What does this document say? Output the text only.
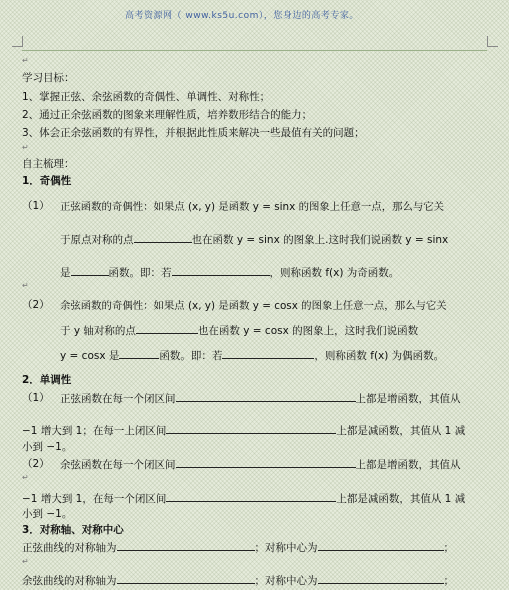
高考资源网（ www.ks5u.com），您身边的高考专家。
↵
学习目标：
1、掌握正弦、余弦函数的奇偶性、单调性、对称性；
2、通过正余弦函数的图象来理解性质，培养数形结合的能力；
3、体会正余弦函数的有界性，并根据此性质来解决一些最值有关的问题；
↵
自主梳理：
1．奇偶性
（1） 正弦函数的奇偶性：如果点 (x, y) 是函数 y = sinx 的图象上任意一点，那么与它关
于原点对称的点	也在函数 y = sinx 的图象上.这时我们说函数 y = sinx
是	函数。即：若	，则称函数 f(x) 为奇函数。
↵
（2） 余弦函数的奇偶性：如果点 (x, y) 是函数 y = cosx 的图象上任意一点，那么与它关
于 y 轴对称的点	也在函数 y = cosx 的图象上，这时我们说函数
y = cosx 是	函数。即：若	，则称函数 f(x) 为偶函数。
2．单调性
（1） 正弦函数在每一个闭区间	上都是增函数，其值从
−1 增大到 1；在每一上闭区间	上都是减函数，其值从 1 减
小到 −1。
（2） 余弦函数在每一个闭区间	上都是增函数，其值从
↵
−1 增大到 1，在每一个闭区间	上都是减函数，其值从 1 减
小到 −1。
3．对称轴、对称中心
正弦曲线的对称轴为	；对称中心为	；
↵
余弦曲线的对称轴为	；对称中心为	；
